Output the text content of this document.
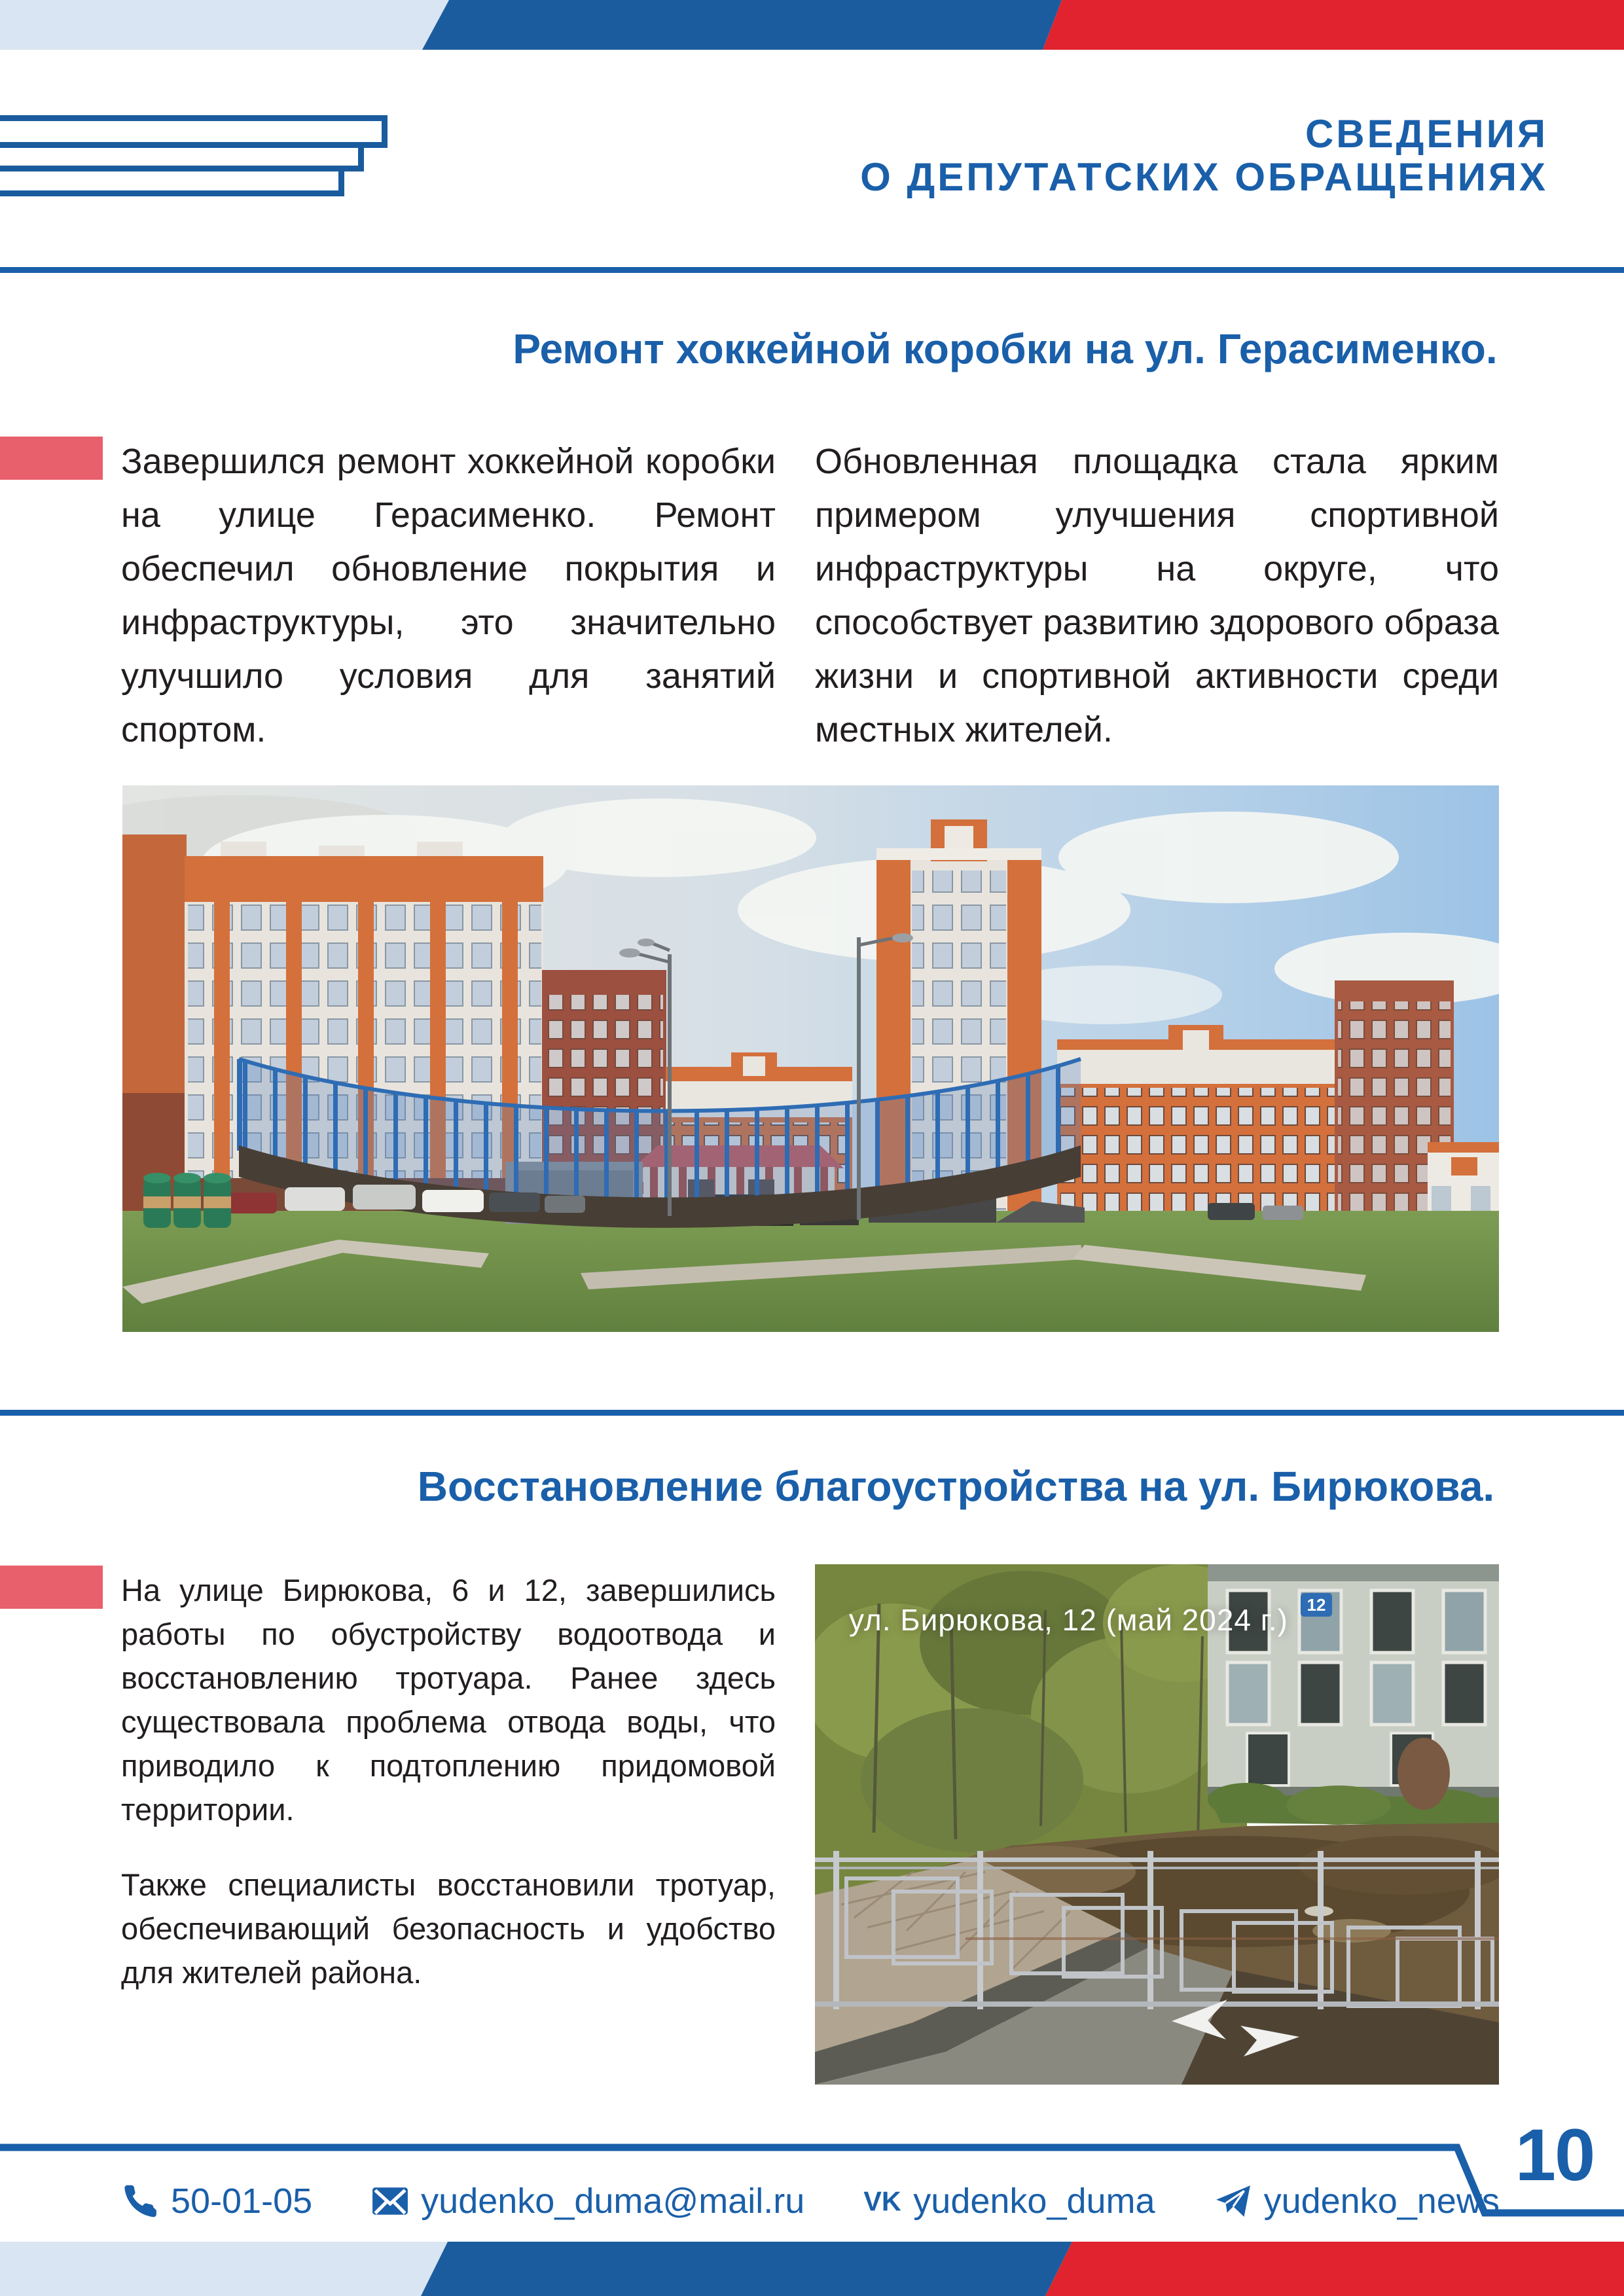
СВЕДЕНИЯ
О ДЕПУТАТСКИХ ОБРАЩЕНИЯХ
Ремонт хоккейной коробки на ул. Герасименко.

Завершился ремонт хоккейной коробки на улице Герасименко. Ремонт обеспечил обновление покрытия и инфраструктуры, это значительно улучшило условия для занятий спортом.

Обновленная площадка стала ярким примером улучшения спортивной инфраструктуры на округе, что способствует развитию здорового образа жизни и спортивной активности среди местных жителей.

Восстановление благоустройства на ул. Бирюкова.

На улице Бирюкова, 6 и 12, завершились работы по обустройству водоотвода и восстановлению тротуара. Ранее здесь существовала проблема отвода воды, что приводило к подтоплению придомовой территории.

Также специалисты восстановили тротуар, обеспечивающий безопасность и удобство для жителей района.

12
ул. Бирюкова, 12 (май 2024 г.)
10
50-01-05	yudenko_duma@mail.ru VK yudenko_duma	yudenko_news
